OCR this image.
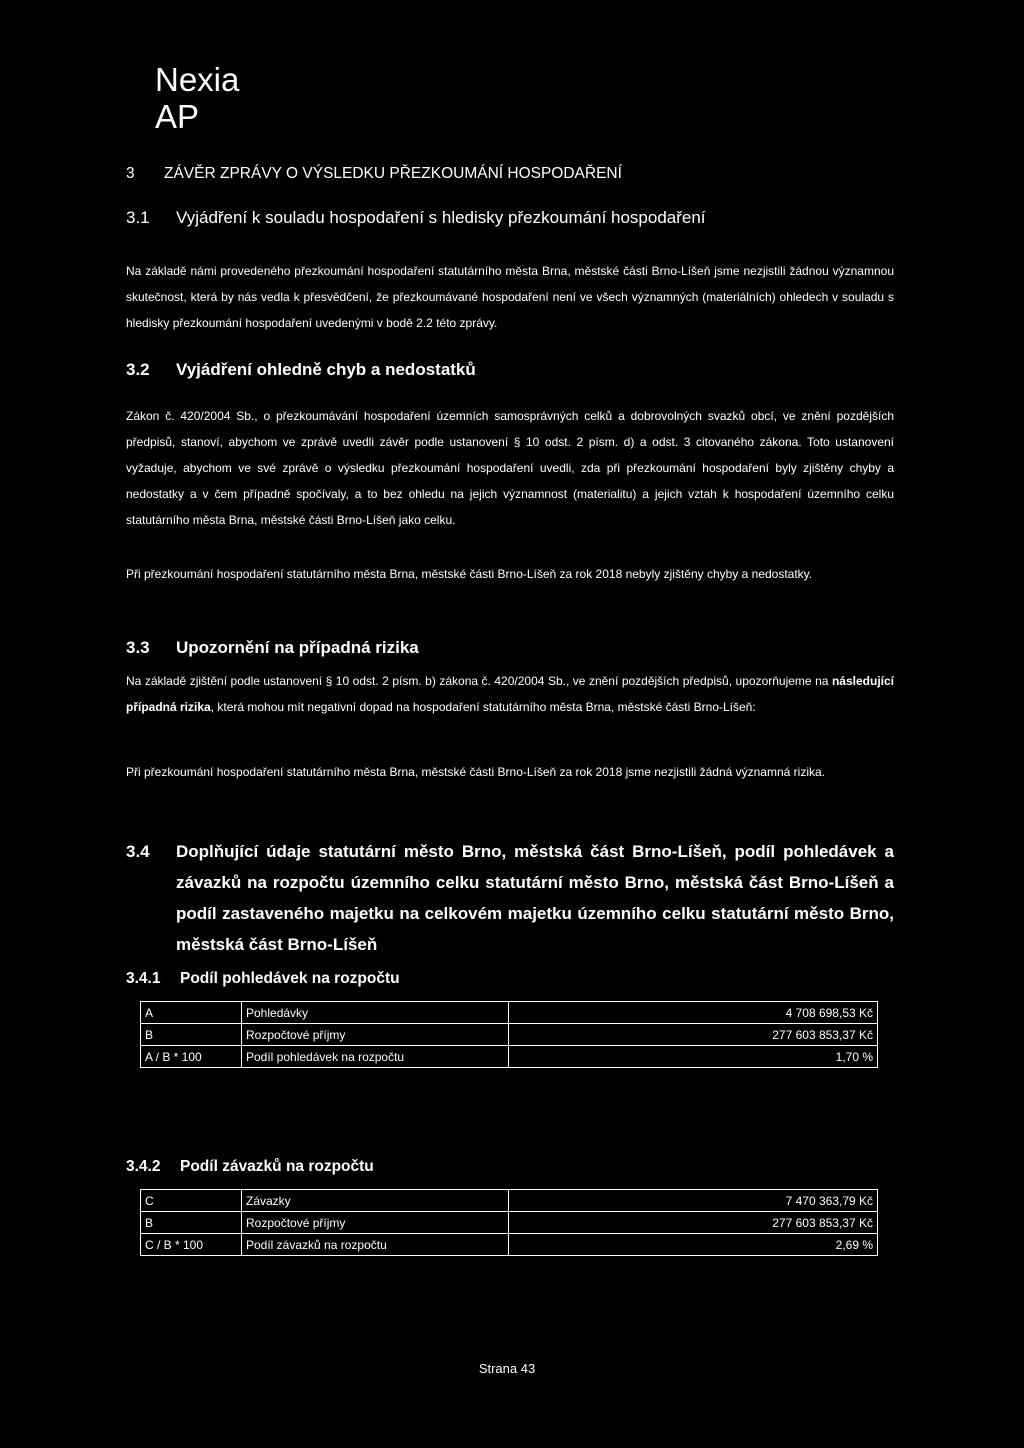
Nexia
AP
3 ZÁVĚR ZPRÁVY O VÝSLEDKU PŘEZKOUMÁNÍ HOSPODAŘENÍ
3.1 Vyjádření k souladu hospodaření s hledisky přezkoumání hospodaření
Na základě námi provedeného přezkoumání hospodaření statutárního města Brna, městské části Brno-Líšeň jsme nezjistili žádnou významnou skutečnost, která by nás vedla k přesvědčení, že přezkoumávané hospodaření není ve všech významných (materiálních) ohledech v souladu s hledisky přezkoumání hospodaření uvedenými v bodě 2.2 této zprávy.
3.2 Vyjádření ohledně chyb a nedostatků
Zákon č. 420/2004 Sb., o přezkoumávání hospodaření územních samosprávných celků a dobrovolných svazků obcí, ve znění pozdějších předpisů, stanoví, abychom ve zprávě uvedli závěr podle ustanovení § 10 odst. 2 písm. d) a odst. 3 citovaného zákona. Toto ustanovení vyžaduje, abychom ve své zprávě o výsledku přezkoumání hospodaření uvedli, zda při přezkoumání hospodaření byly zjištěny chyby a nedostatky a v čem případně spočívaly, a to bez ohledu na jejich významnost (materialitu) a jejich vztah k hospodaření územního celku statutárního města Brna, městské části Brno-Líšeň jako celku.
Při přezkoumání hospodaření statutárního města Brna, městské části Brno-Líšeň za rok 2018 nebyly zjištěny chyby a nedostatky.
3.3 Upozornění na případná rizika
Na základě zjištění podle ustanovení § 10 odst. 2 písm. b) zákona č. 420/2004 Sb., ve znění pozdějších předpisů, upozorňujeme na následující případná rizika, která mohou mít negativní dopad na hospodaření statutárního města Brna, městské části Brno-Líšeň:
Při přezkoumání hospodaření statutárního města Brna, městské části Brno-Líšeň za rok 2018 jsme nezjistili žádná významná rizika.
3.4 Doplňující údaje statutární město Brno, městská část Brno-Líšeň, podíl pohledávek a závazků na rozpočtu územního celku statutární město Brno, městská část Brno-Líšeň a podíl zastaveného majetku na celkovém majetku územního celku statutární město Brno, městská část Brno-Líšeň
3.4.1 Podíl pohledávek na rozpočtu
A	Pohledávky	4 708 698,53 Kč
B	Rozpočtové příjmy	277 603 853,37 Kč
A / B * 100	Podíl pohledávek na rozpočtu	1,70 %
3.4.2 Podíl závazků na rozpočtu
C	Závazky	7 470 363,79 Kč
B	Rozpočtové příjmy	277 603 853,37 Kč
C / B * 100	Podíl závazků na rozpočtu	2,69 %
Strana 43
